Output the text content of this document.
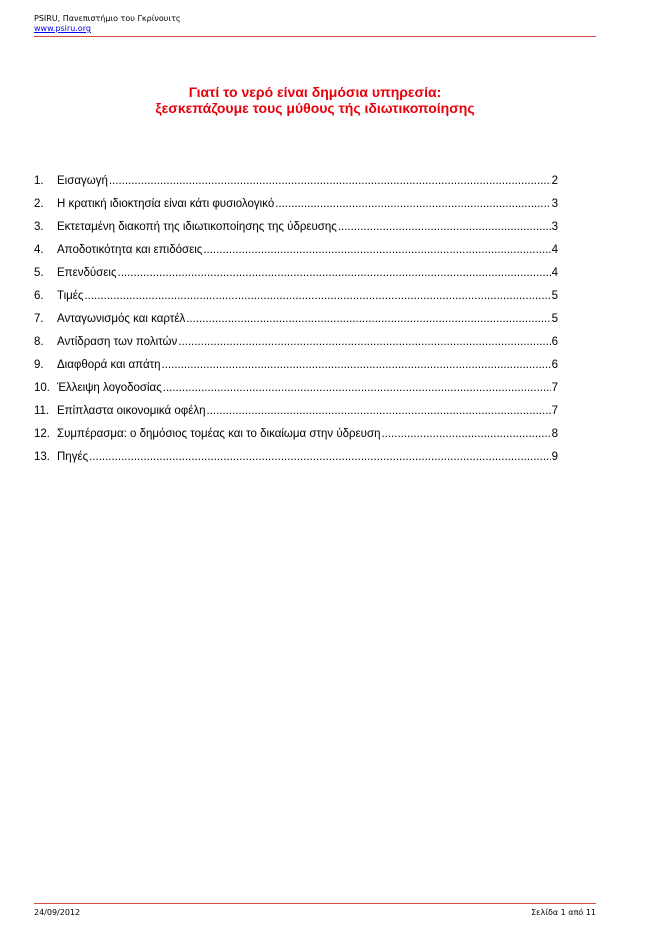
PSIRU, Πανεπιστήμιο του Γκρίνουιτς
www.psiru.org
Γιατί το νερό είναι δημόσια υπηρεσία:
ξεσκεπάζουμε τους μύθους τής ιδιωτικοποίησης
1.	Εισαγωγή .....	2
2.	Η κρατική ιδιοκτησία είναι κάτι φυσιολογικό .....	3
3.	Εκτεταμένη διακοπή της ιδιωτικοποίησης της ύδρευσης .....	3
4.	Αποδοτικότητα και επιδόσεις .....	4
5.	Επενδύσεις .....	4
6.	Τιμές .....	5
7.	Ανταγωνισμός και καρτέλ .....	5
8.	Αντίδραση των πολιτών .....	6
9.	Διαφθορά και απάτη .....	6
10. Έλλειψη λογοδοσίας .....	7
11. Επίπλαστα οικονομικά οφέλη .....	7
12. Συμπέρασμα: ο δημόσιος τομέας και το δικαίωμα στην ύδρευση .....	8
13. Πηγές .....	9
24/09/2012	Σελίδα 1 από 11
